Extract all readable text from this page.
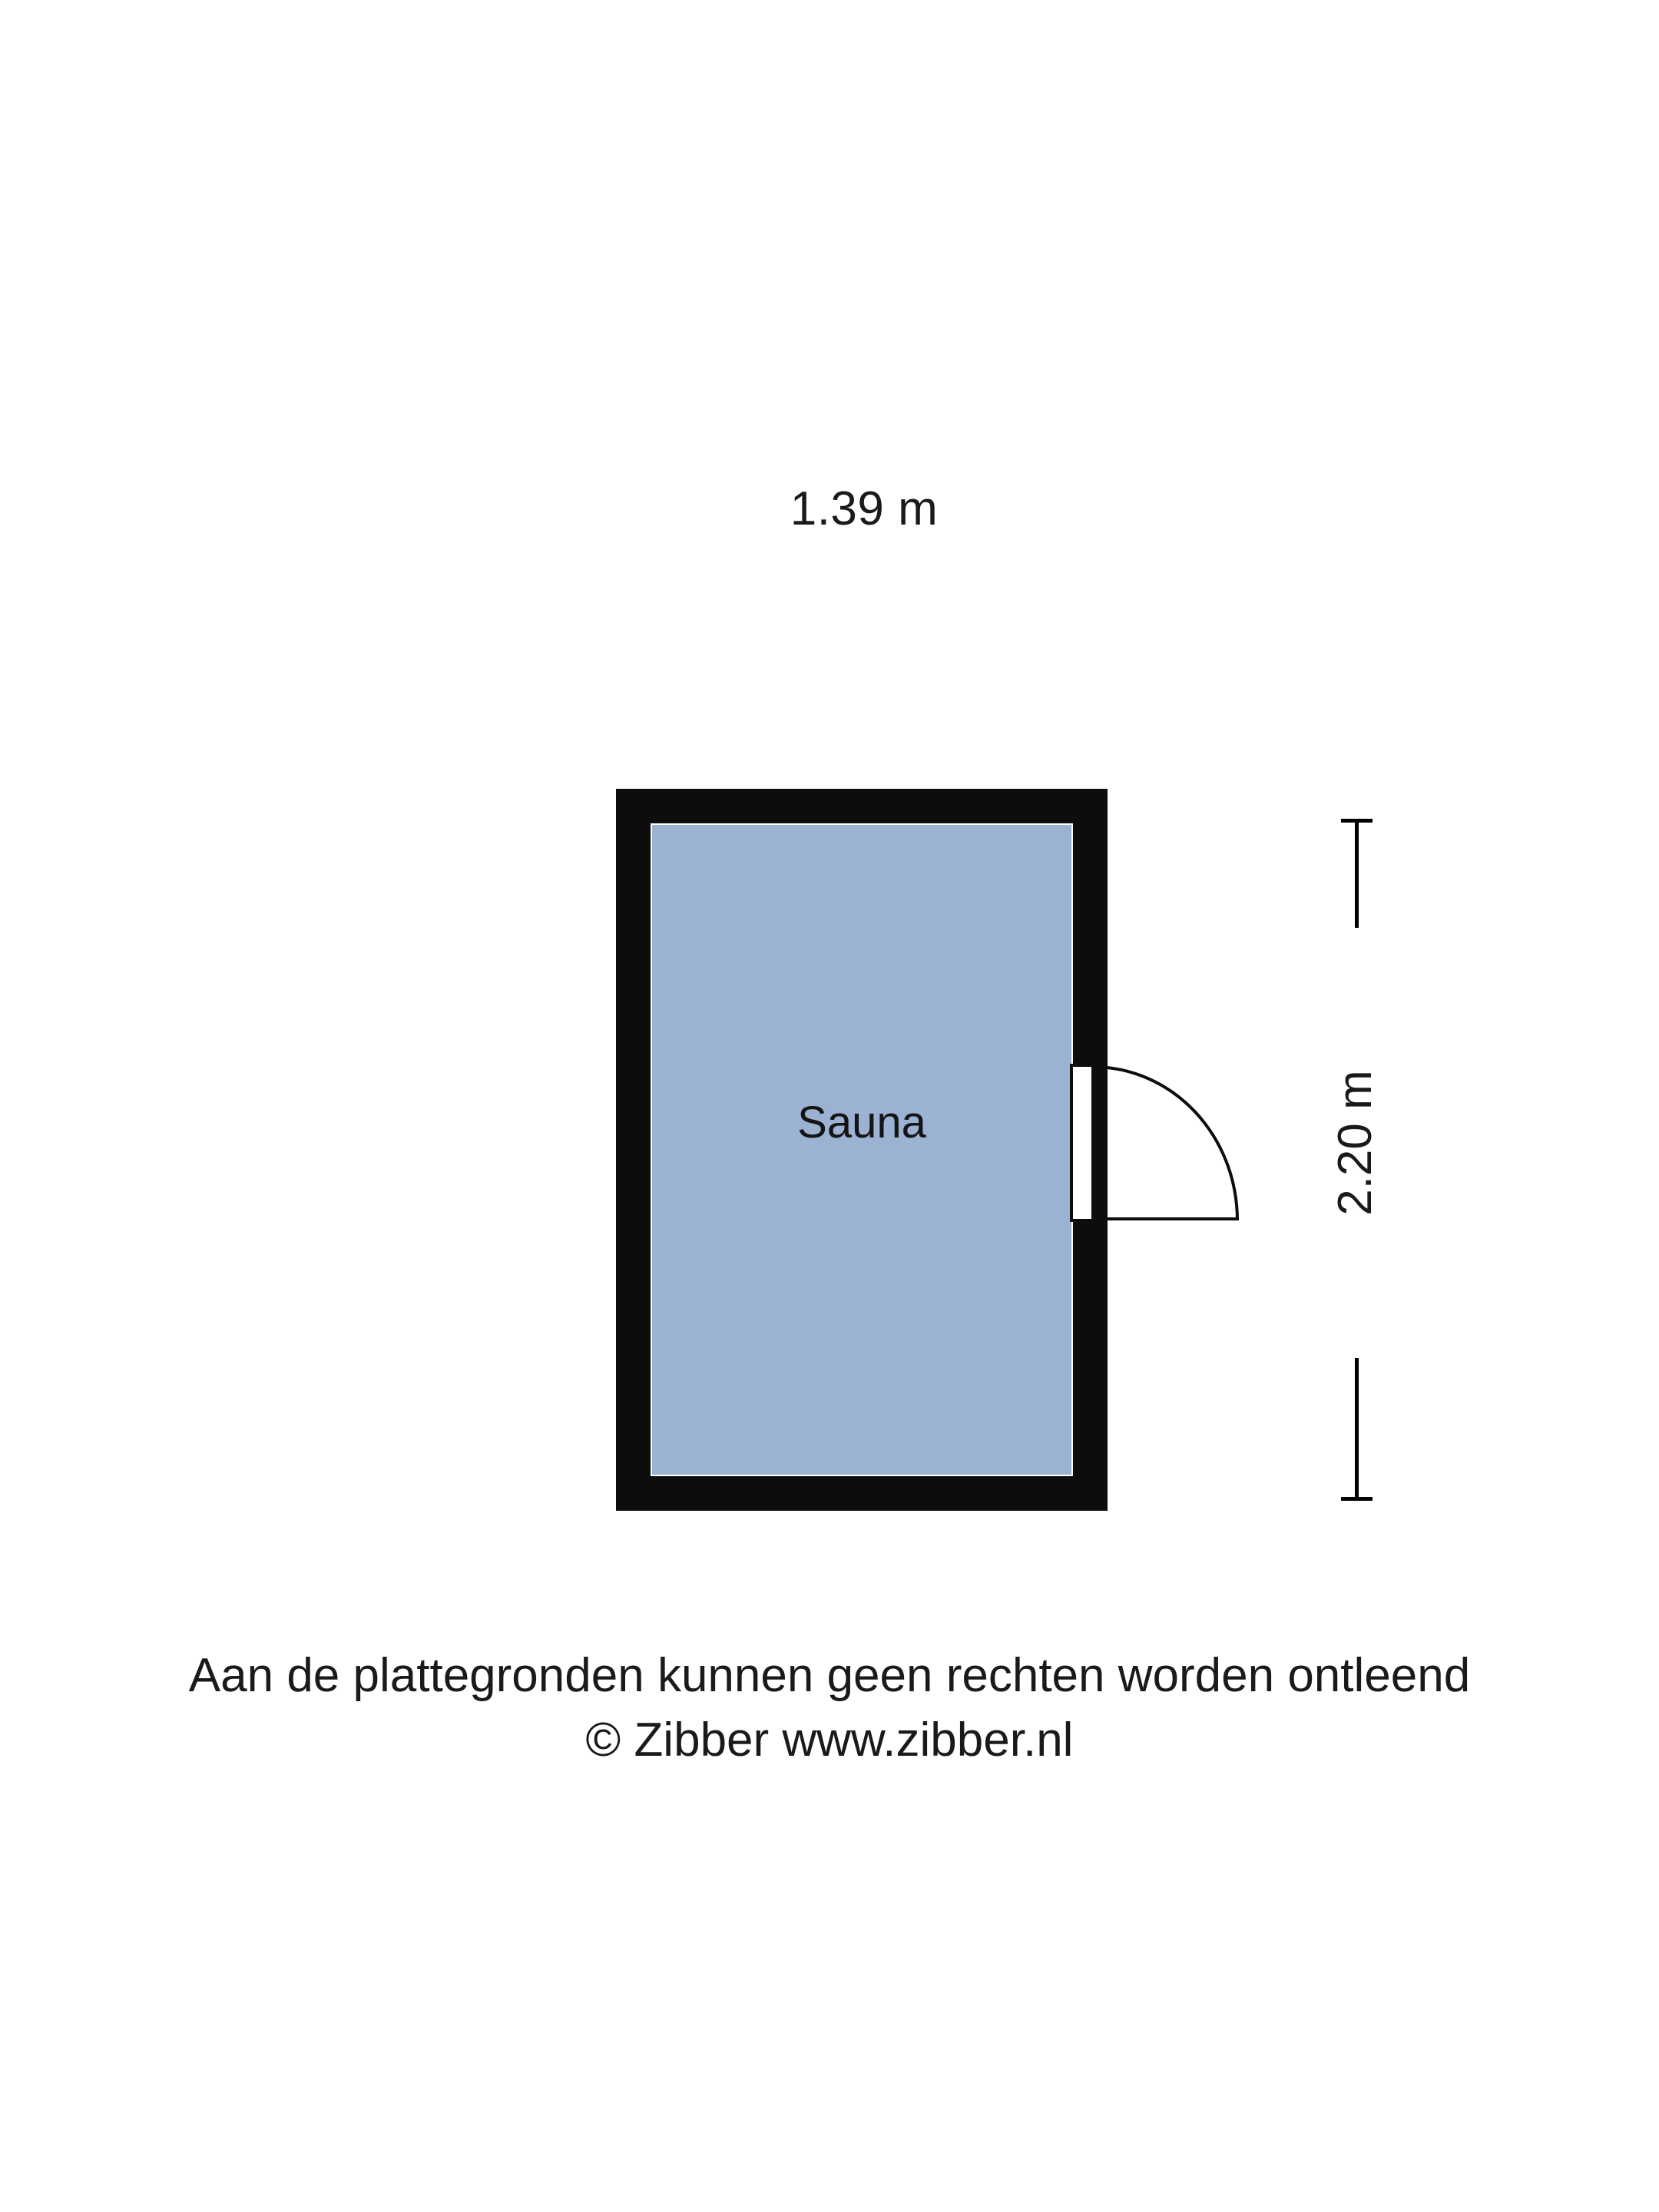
1.39 m
2.20 m
Sauna
Aan de plattegronden kunnen geen rechten worden ontleend
© Zibber www.zibber.nl
